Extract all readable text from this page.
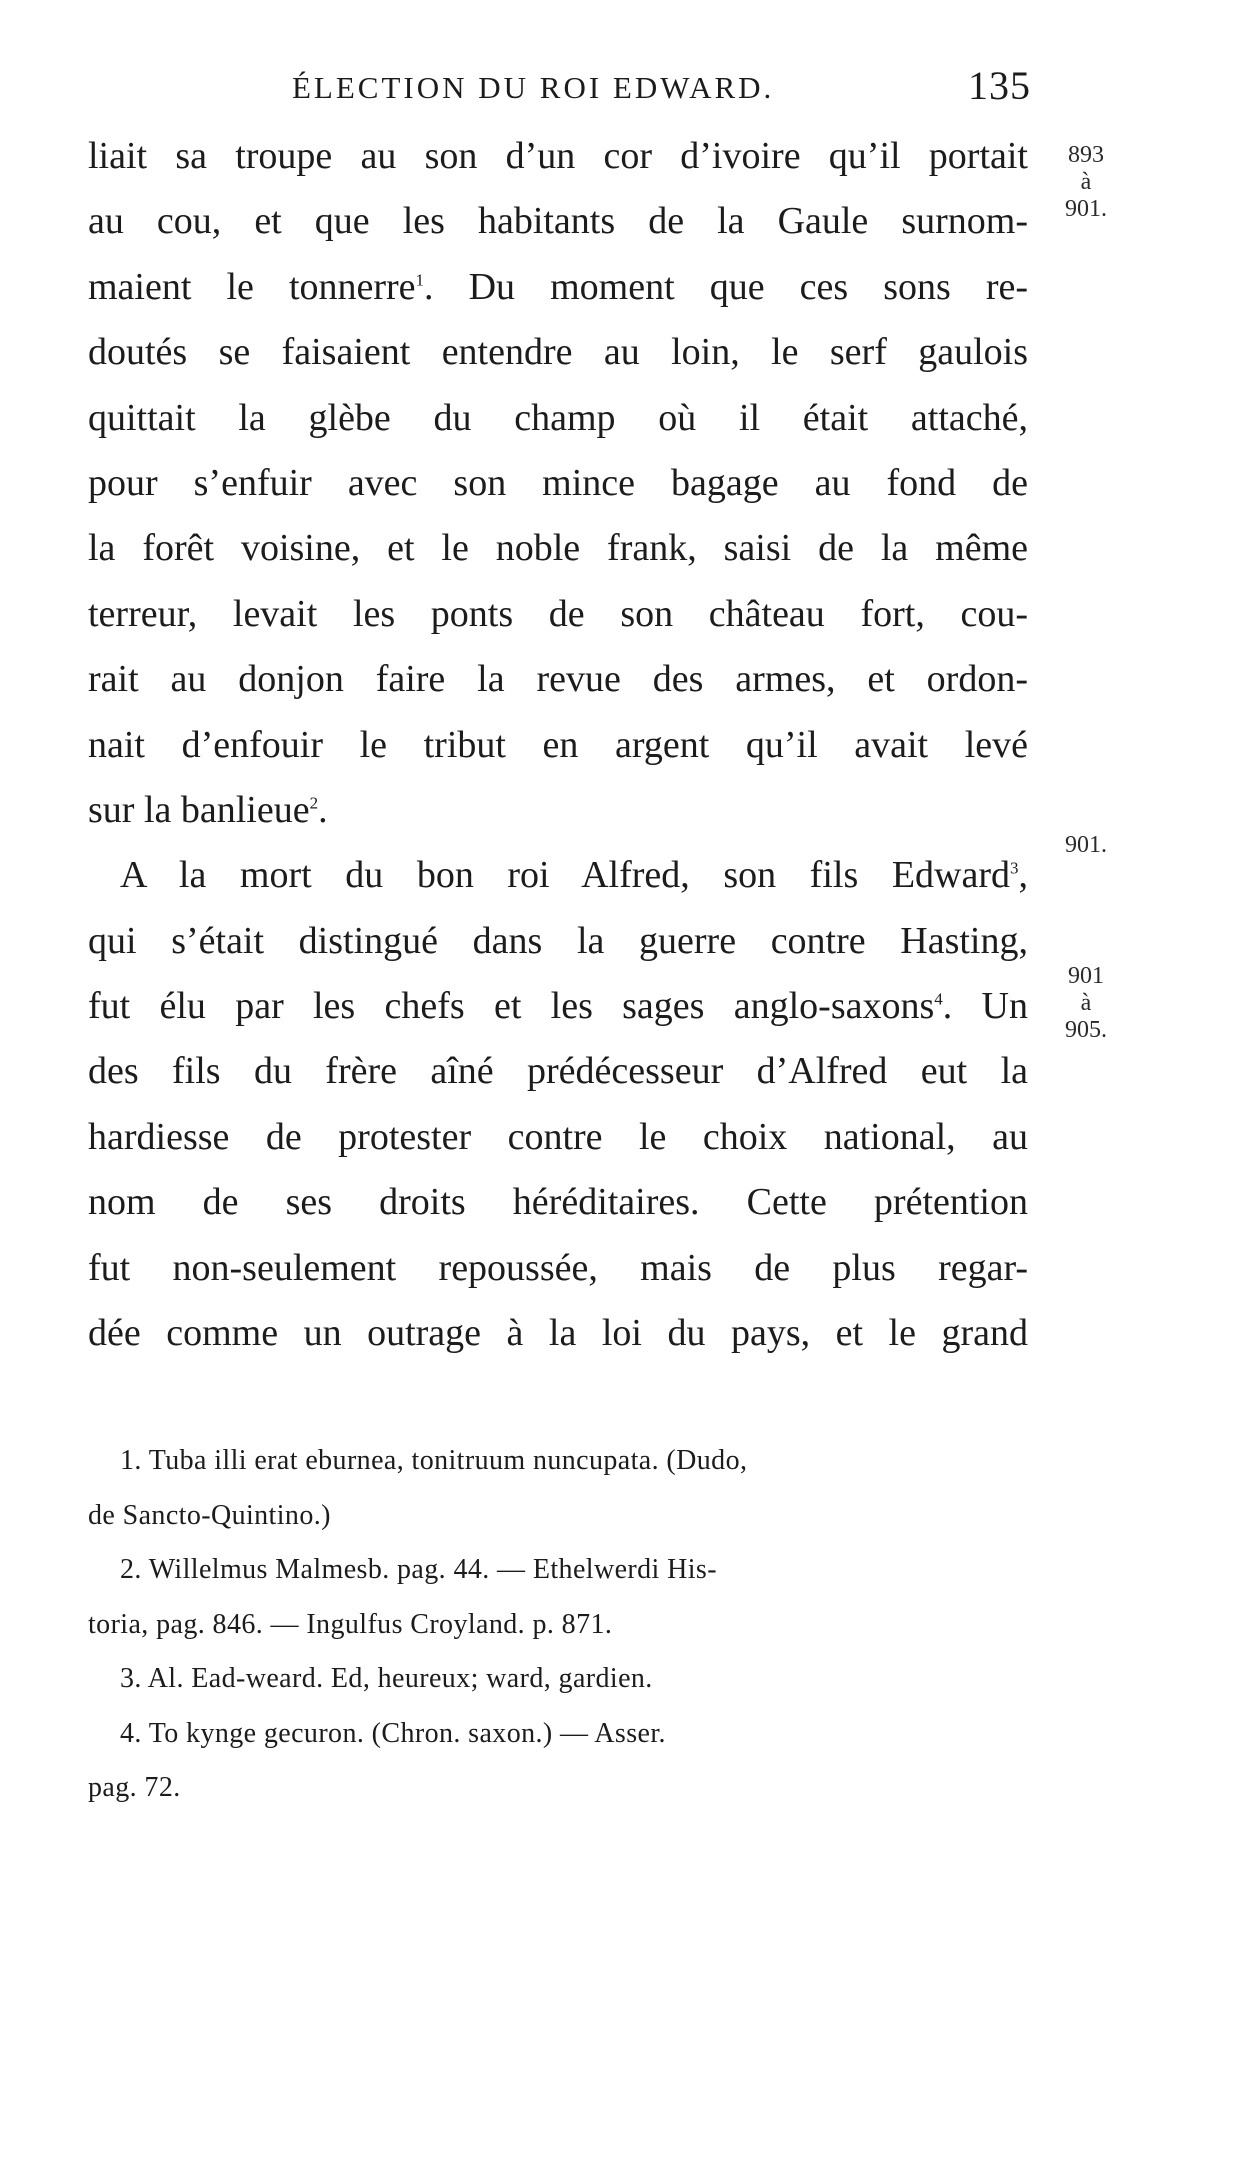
ÉLECTION DU ROI EDWARD.	135
893
à
901.
901.
901
à
905.
liait sa troupe au son d’un cor d’ivoire qu’il portait
au cou, et que les habitants de la Gaule surnom-
maient le tonnerre$^1$. Du moment que ces sons re-
doutés se faisaient entendre au loin, le serf gaulois
quittait la glèbe du champ où il était attaché,
pour s’enfuir avec son mince bagage au fond de
la forêt voisine, et le noble frank, saisi de la même
terreur, levait les ponts de son château fort, cou-
rait au donjon faire la revue des armes, et ordon-
nait d’enfouir le tribut en argent qu’il avait levé
sur la banlieue$^2$.
A la mort du bon roi Alfred, son fils Edward$^3$,
qui s’était distingué dans la guerre contre Hasting,
fut élu par les chefs et les sages anglo-saxons$^4$. Un
des fils du frère aîné prédécesseur d’Alfred eut la
hardiesse de protester contre le choix national, au
nom de ses droits héréditaires. Cette prétention
fut non-seulement repoussée, mais de plus regar-
dée comme un outrage à la loi du pays, et le grand
1. Tuba illi erat eburnea, tonitruum nuncupata. (Dudo,
de Sancto-Quintino.)
2. Willelmus Malmesb. pag. 44. — Ethelwerdi His-
toria, pag. 846. — Ingulfus Croyland. p. 871.
3. Al. Ead-weard. Ed, heureux; ward, gardien.
4. To kynge gecuron. (Chron. saxon.) — Asser.
pag. 72.
